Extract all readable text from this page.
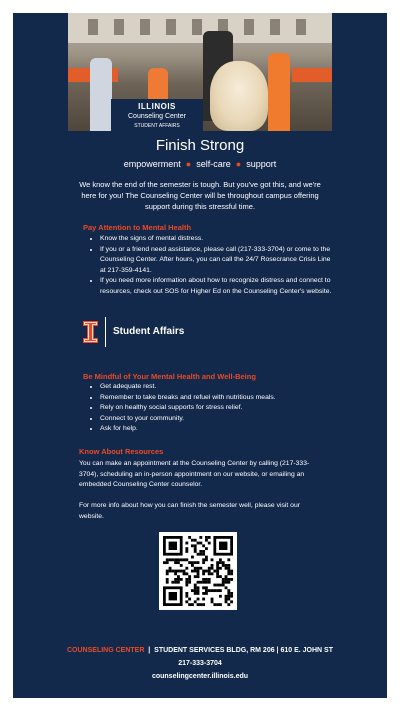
ILLINOIS
Counseling Center
STUDENT AFFAIRS
Finish Strong
empowerment ● self-care ● support
We know the end of the semester is tough. But you've got this, and we're here for you! The Counseling Center will be throughout campus offering support during this stressful time.
Pay Attention to Mental Health
• Know the signs of mental distress.
• If you or a friend need assistance, please call (217-333-3704) or come to the Counseling Center. After hours, you can call the 24/7 Rosecrance Crisis Line at 217-359-4141.
• If you need more information about how to recognize distress and connect to resources, check out SOS for Higher Ed on the Counseling Center's website.
Student Affairs
Be Mindful of Your Mental Health and Well-Being
• Get adequate rest.
• Remember to take breaks and refuel with nutritious meals.
• Rely on healthy social supports for stress relief.
• Connect to your community.
• Ask for help.
Know About Resources
You can make an appointment at the Counseling Center by calling (217-333-3704), scheduling an in-person appointment on our website, or emailing an embedded Counseling Center counselor.
For more info about how you can finish the semester well, please visit our website.
COUNSELING CENTER  |  STUDENT SERVICES BLDG, RM 206 | 610 E. JOHN ST
217-333-3704
counselingcenter.illinois.edu
